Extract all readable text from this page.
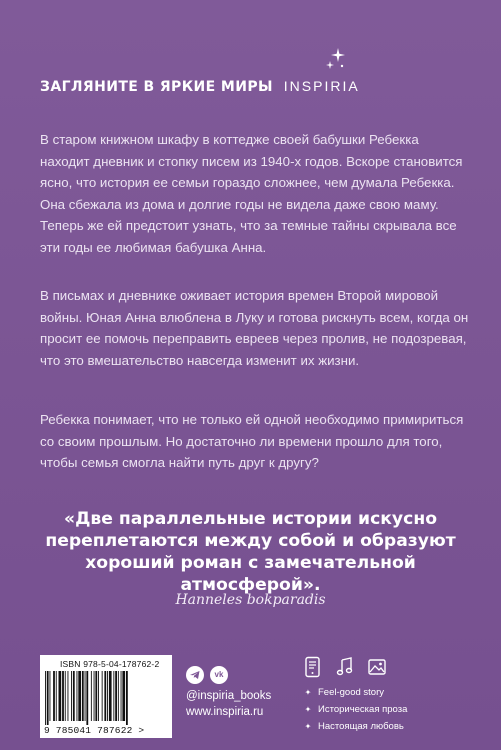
ЗАГЛЯНИТЕ В ЯРКИЕ МИРЫ INSPIRIA
В старом книжном шкафу в коттедже своей бабушки Ребекка находит дневник и стопку писем из 1940-х годов. Вскоре становится ясно, что история ее семьи гораздо сложнее, чем думала Ребекка. Она сбежала из дома и долгие годы не видела даже свою маму. Теперь же ей предстоит узнать, что за темные тайны скрывала все эти годы ее любимая бабушка Анна.
В письмах и дневнике оживает история времен Второй мировой войны. Юная Анна влюблена в Луку и готова рискнуть всем, когда он просит ее помочь переправить евреев через пролив, не подозревая, что это вмешательство навсегда изменит их жизни.
Ребекка понимает, что не только ей одной необходимо примириться со своим прошлым. Но достаточно ли времени прошло для того, чтобы семья смогла найти путь друг к другу?
«Две параллельные истории искусно переплетаются между собой и образуют хороший роман с замечательной атмосферой».
Hanneles bokparadis
ISBN 978-5-04-178762-2
9 785041 787622 >
vk
@inspiria_books
www.inspiria.ru
✦ Feel-good story
✦ Историческая проза
✦ Настоящая любовь
